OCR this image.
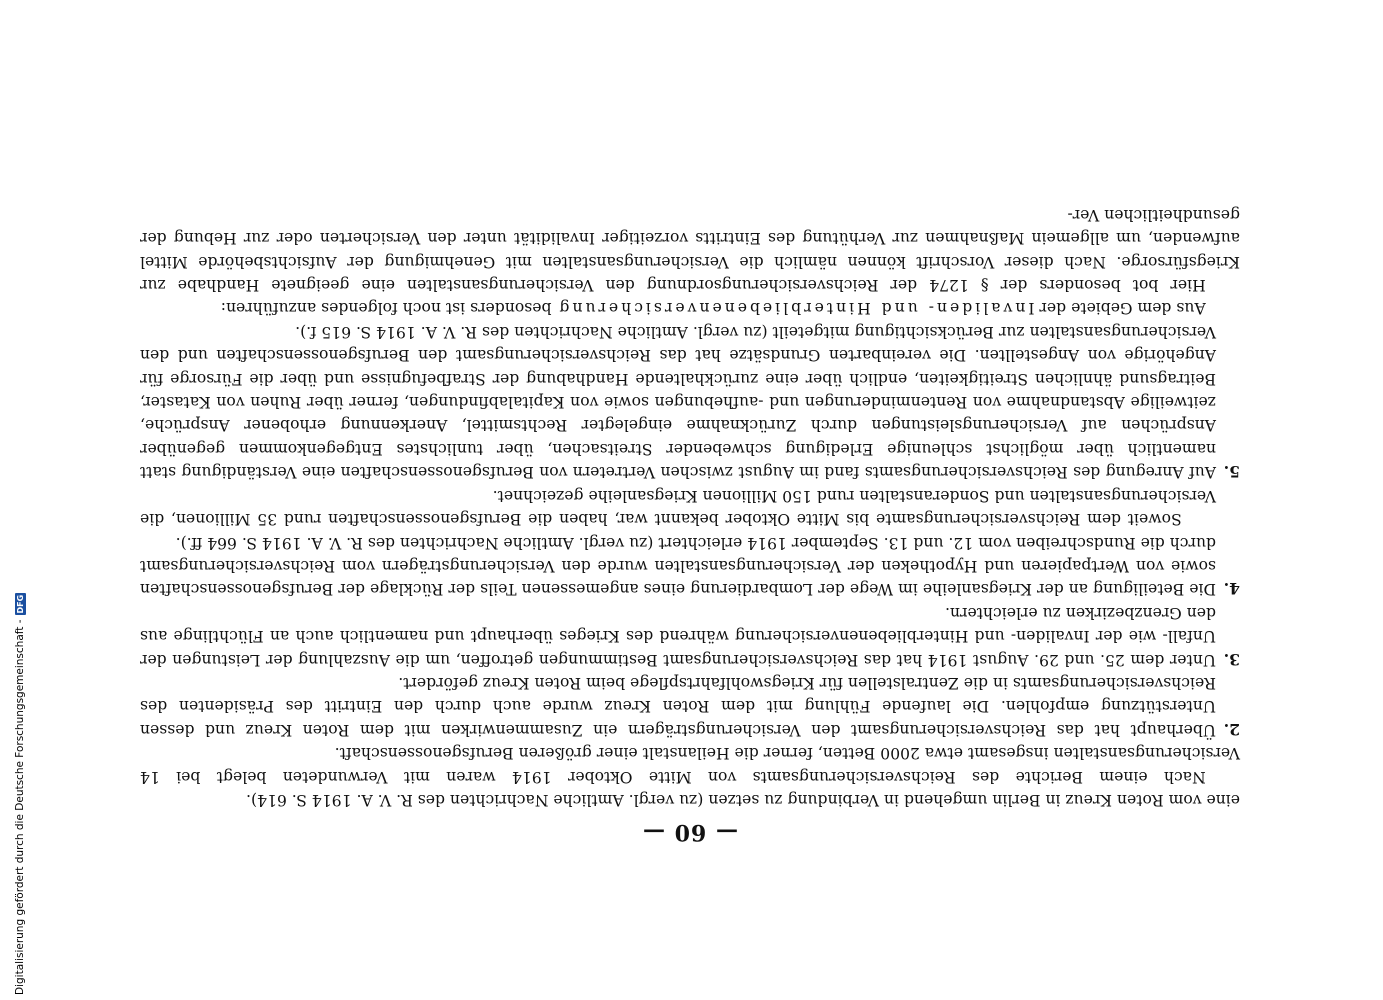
Digitalisierung gefördert durch die Deutsche Forschungsgemeinschaft -
DFG
— 60 —

eine vom Roten Kreuz in Berlin umgehend in Verbindung zu setzen (zu vergl. Amtliche Nachrichten des R. V. A. 1914 S. 614).

Nach einem Berichte des Reichsversicherungsamts von Mitte Oktober 1914 waren mit Verwundeten belegt bei 14 Versicherungsanstalten insgesamt etwa 2000 Betten, ferner die Heilanstalt einer größeren Berufsgenossenschaft.

2.

Überhaupt hat das Reichsversicherungsamt den Versicherungsträgern ein Zusammenwirken mit dem Roten Kreuz und dessen Unterstützung empfohlen. Die laufende Fühlung mit dem Roten Kreuz wurde auch durch den Eintritt des Präsidenten des Reichsversicherungsamts in die Zentralstellen für Kriegswohlfahrtspflege beim Roten Kreuz gefördert.

3.

Unter dem 25. und 29. August 1914 hat das Reichsversicherungsamt Bestimmungen getroffen, um die Auszahlung der Leistungen der Unfall- wie der Invaliden- und Hinterbliebenenversicherung während des Krieges überhaupt und namentlich auch an Flüchtlinge aus den Grenzbezirken zu erleichtern.

4.

Die Beteiligung an der Kriegsanleihe im Wege der Lombardierung eines angemessenen Teils der Rücklage der Berufsgenossenschaften sowie von Wertpapieren und Hypotheken der Versicherungsanstalten wurde den Versicherungsträgern vom Reichsversicherungsamt durch die Rundschreiben vom 12. und 13. September 1914 erleichtert (zu vergl. Amtliche Nachrichten des R. V. A. 1914 S. 664 ff.).

Soweit dem Reichsversicherungsamte bis Mitte Oktober bekannt war, haben die Berufsgenossenschaften rund 35 Millionen, die Versicherungsanstalten und Sonderanstalten rund 150 Millionen Kriegsanleihe gezeichnet.

5.

Auf Anregung des Reichsversicherungsamts fand im August zwischen Vertretern von Berufsgenossenschaften eine Verständigung statt namentlich über möglichst schleunige Erledigung schwebender Streitsachen, über tunlichstes Entgegenkommen gegenüber Ansprüchen auf Versicherungsleistungen durch Zurücknahme eingelegter Rechtsmittel, Anerkennung erhobener Ansprüche, zeitweilige Abstandnahme von Rentenminderungen und -aufhebungen sowie von Kapitalabfindungen, ferner über Ruhen von Kataster, Beitragsund ähnlichen Streitigkeiten, endlich über eine zurückhaltende Handhabung der Strafbefugnisse und über die Fürsorge für Angehörige von Angestellten. Die vereinbarten Grundsätze hat das Reichsversicherungsamt den Berufsgenossenschaften und den Versicherungsanstalten zur Berücksichtigung mitgeteilt (zu vergl. Amtliche Nachrichten des R. V. A. 1914 S. 615 f.).

Aus dem Gebiete der Invaliden- und Hinterbliebenenversicherung besonders ist noch folgendes anzuführen:

Hier bot besonders der § 1274 der Reichsversicherungsordnung den Versicherungsanstalten eine geeignete Handhabe zur Kriegsfürsorge. Nach dieser Vorschrift können nämlich die Versicherungsanstalten mit Genehmigung der Aufsichtsbehörde Mittel aufwenden, um allgemein Maßnahmen zur Verhütung des Eintritts vorzeitiger Invalidität unter den Versicherten oder zur Hebung der gesundheitlichen Ver-
